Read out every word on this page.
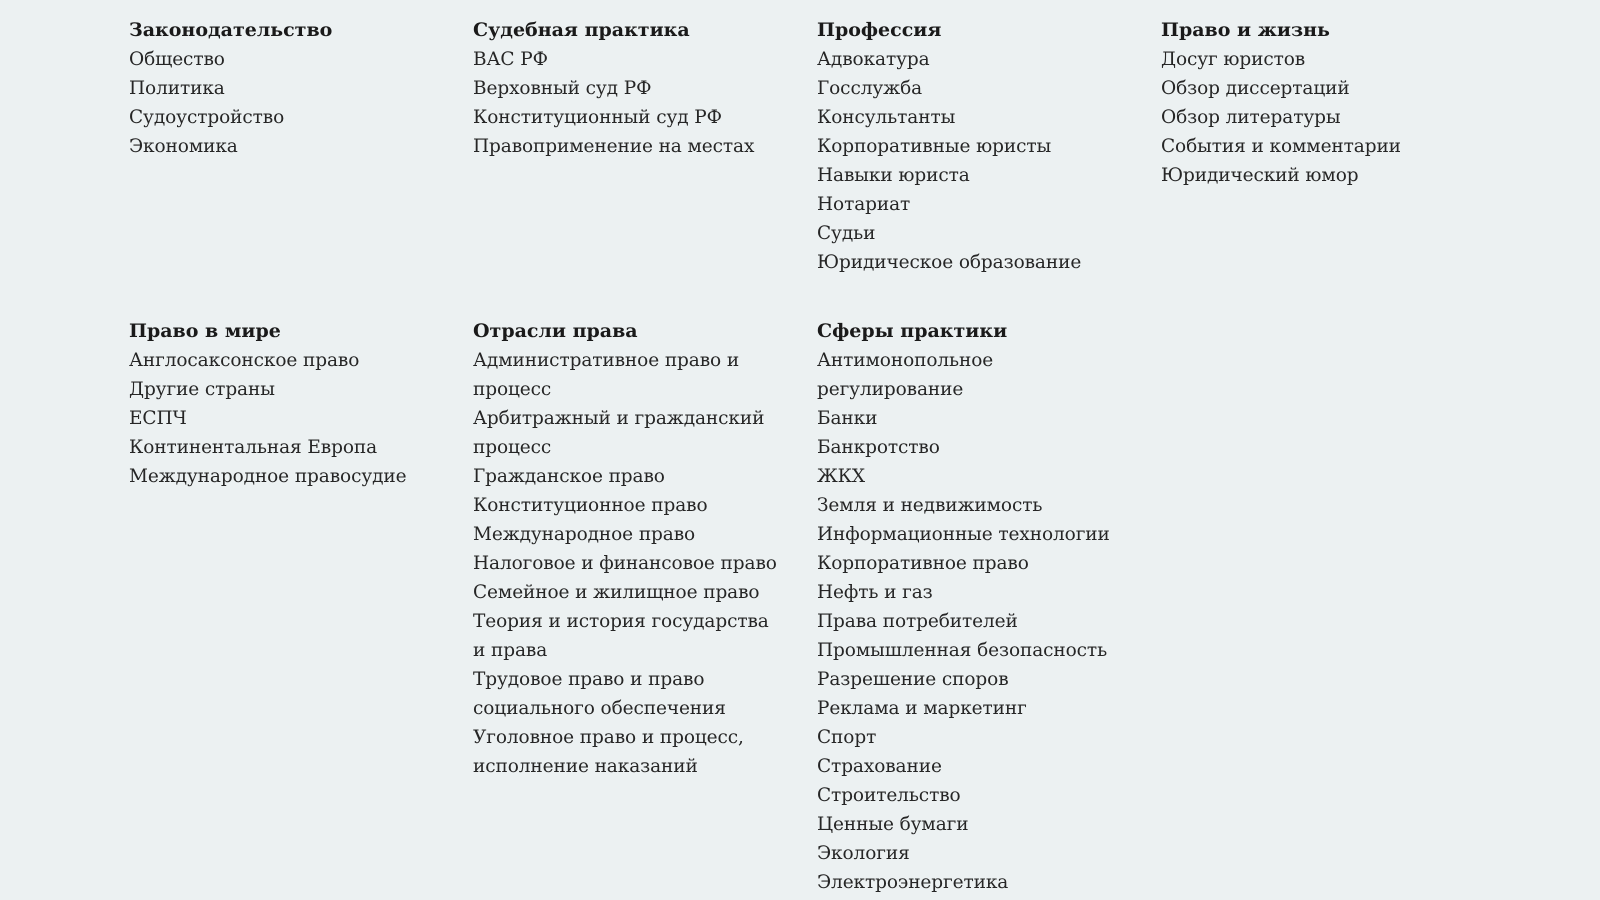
Законодательство
Общество
Политика
Судоустройство
Экономика
Судебная практика
ВАС РФ
Верховный суд РФ
Конституционный суд РФ
Правоприменение на местах
Профессия
Адвокатура
Госслужба
Консультанты
Корпоративные юристы
Навыки юриста
Нотариат
Судьи
Юридическое образование
Право и жизнь
Досуг юристов
Обзор диссертаций
Обзор литературы
События и комментарии
Юридический юмор
Право в мире
Англосаксонское право
Другие страны
ЕСПЧ
Континентальная Европа
Международное правосудие
Отрасли права
Административное право и процесс
Арбитражный и гражданский процесс
Гражданское право
Конституционное право
Международное право
Налоговое и финансовое право
Семейное и жилищное право
Теория и история государства и права
Трудовое право и право социального обеспечения
Уголовное право и процесс, исполнение наказаний
Сферы практики
Антимонопольное регулирование
Банки
Банкротство
ЖКХ
Земля и недвижимость
Информационные технологии
Корпоративное право
Нефть и газ
Права потребителей
Промышленная безопасность
Разрешение споров
Реклама и маркетинг
Спорт
Страхование
Строительство
Ценные бумаги
Экология
Электроэнергетика
